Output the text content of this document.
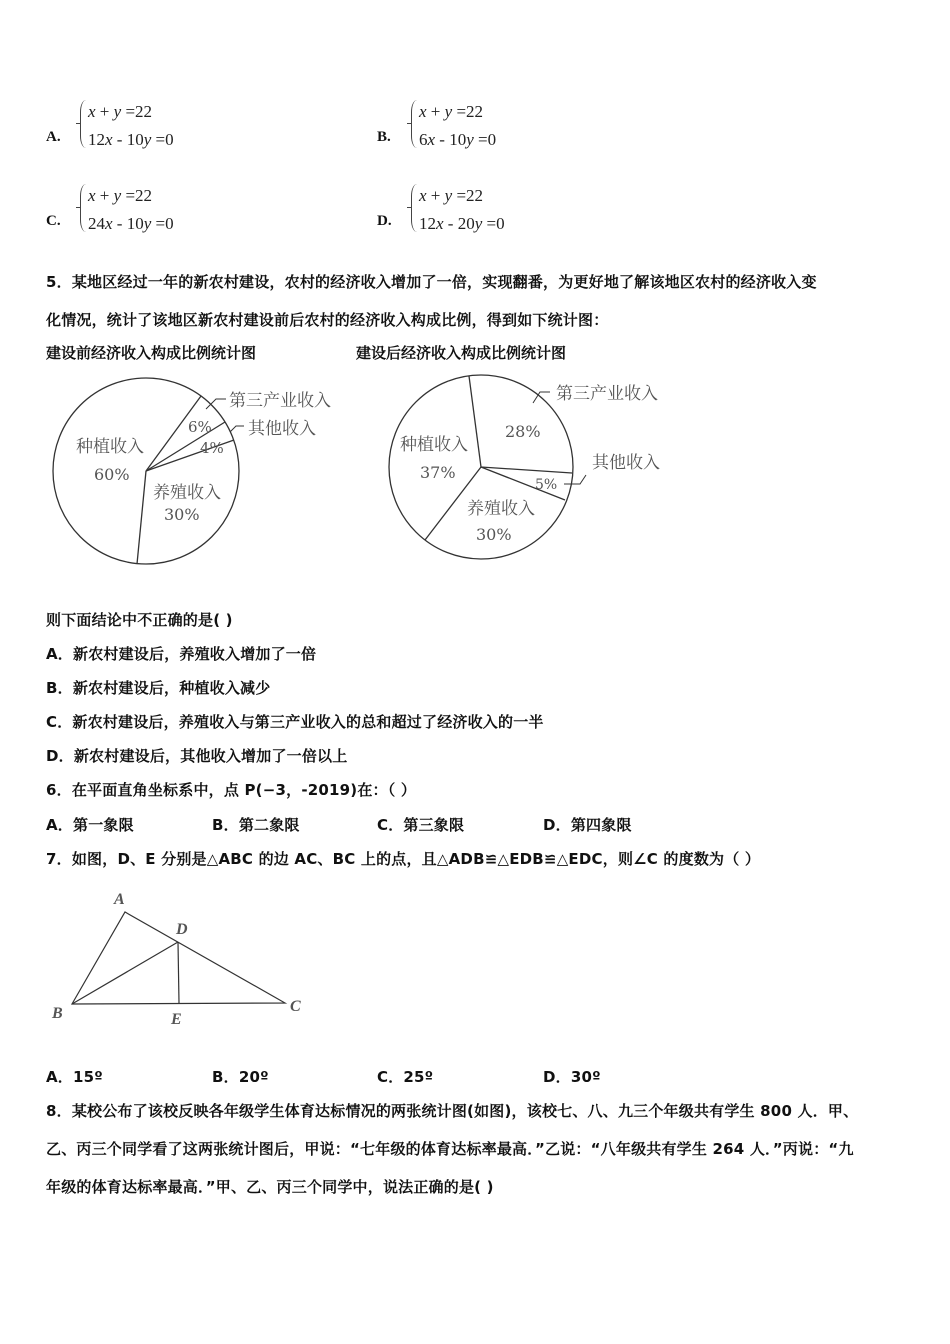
A.
x + y =22
12x - 10y =0	B.
x + y =22
6x - 10y =0
C.
x + y =22
24x - 10y =0	D.
x + y =22
12x - 20y =0
5．某地区经过一年的新农村建设，农村的经济收入增加了一倍，实现翻番，为更好地了解该地区农村的经济收入变
化情况，统计了该地区新农村建设前后农村的经济收入构成比例，得到如下统计图：
建设前经济收入构成比例统计图	建设后经济收入构成比例统计图
种植收入
60%
养殖收入
30%
6%
4%
第三产业收入
其他收入
种植收入
37%
28%
5%
养殖收入
30%
第三产业收入
其他收入
则下面结论中不正确的是( )
A．新农村建设后，养殖收入增加了一倍
B．新农村建设后，种植收入减少
C．新农村建设后，养殖收入与第三产业收入的总和超过了经济收入的一半
D．新农村建设后，其他收入增加了一倍以上
6．在平面直角坐标系中，点 P(−3，-2019)在：（ ）
A．第一象限	B．第二象限	C．第三象限	D．第四象限
7．如图，D、E 分别是△ABC 的边 AC、BC 上的点，且△ADB≌△EDB≌△EDC，则∠C 的度数为（ ）
A
D
B	E
C
A．15º	B．20º	C．25º	D．30º
8．某校公布了该校反映各年级学生体育达标情况的两张统计图(如图)，该校七、八、九三个年级共有学生 800 人．甲、
乙、丙三个同学看了这两张统计图后，甲说：“七年级的体育达标率最高．”乙说：“八年级共有学生 264 人．”丙说：“九
年级的体育达标率最高．”甲、乙、丙三个同学中，说法正确的是( )
